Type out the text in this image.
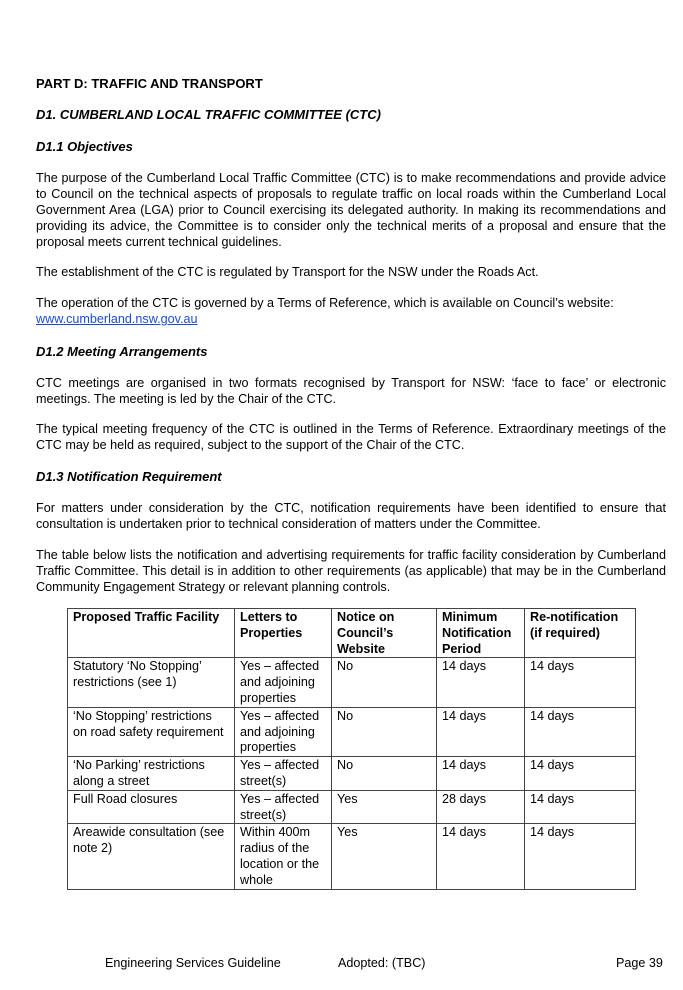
PART D: TRAFFIC AND TRANSPORT

D1. CUMBERLAND LOCAL TRAFFIC COMMITTEE (CTC)

D1.1 Objectives

The purpose of the Cumberland Local Traffic Committee (CTC) is to make recommendations and provide advice to Council on the technical aspects of proposals to regulate traffic on local roads within the Cumberland Local Government Area (LGA) prior to Council exercising its delegated authority. In making its recommendations and providing its advice, the Committee is to consider only the technical merits of a proposal and ensure that the proposal meets current technical guidelines.

The establishment of the CTC is regulated by Transport for the NSW under the Roads Act.

The operation of the CTC is governed by a Terms of Reference, which is available on Council’s website:
www.cumberland.nsw.gov.au

D1.2 Meeting Arrangements

CTC meetings are organised in two formats recognised by Transport for NSW: ‘face to face’ or electronic meetings. The meeting is led by the Chair of the CTC.

The typical meeting frequency of the CTC is outlined in the Terms of Reference. Extraordinary meetings of the CTC may be held as required, subject to the support of the Chair of the CTC.

D1.3 Notification Requirement

For matters under consideration by the CTC, notification requirements have been identified to ensure that consultation is undertaken prior to technical consideration of matters under the Committee.

The table below lists the notification and advertising requirements for traffic facility consideration by Cumberland Traffic Committee. This detail is in addition to other requirements (as applicable) that may be in the Cumberland Community Engagement Strategy or relevant planning controls.

Proposed Traffic Facility	Letters to Properties	Notice on Council’s Website	Minimum Notification Period	Re-notification (if required)
Statutory ‘No Stopping’ restrictions (see 1)	Yes – affected and adjoining properties	No	14 days	14 days
‘No Stopping’ restrictions on road safety requirement	Yes – affected and adjoining properties	No	14 days	14 days
‘No Parking’ restrictions along a street	Yes – affected street(s)	No	14 days	14 days
Full Road closures	Yes – affected street(s)	Yes	28 days	14 days
Areawide consultation (see note 2)	Within 400m radius of the location or the whole	Yes	14 days	14 days

Engineering Services Guideline	Adopted: (TBC)	Page 39
